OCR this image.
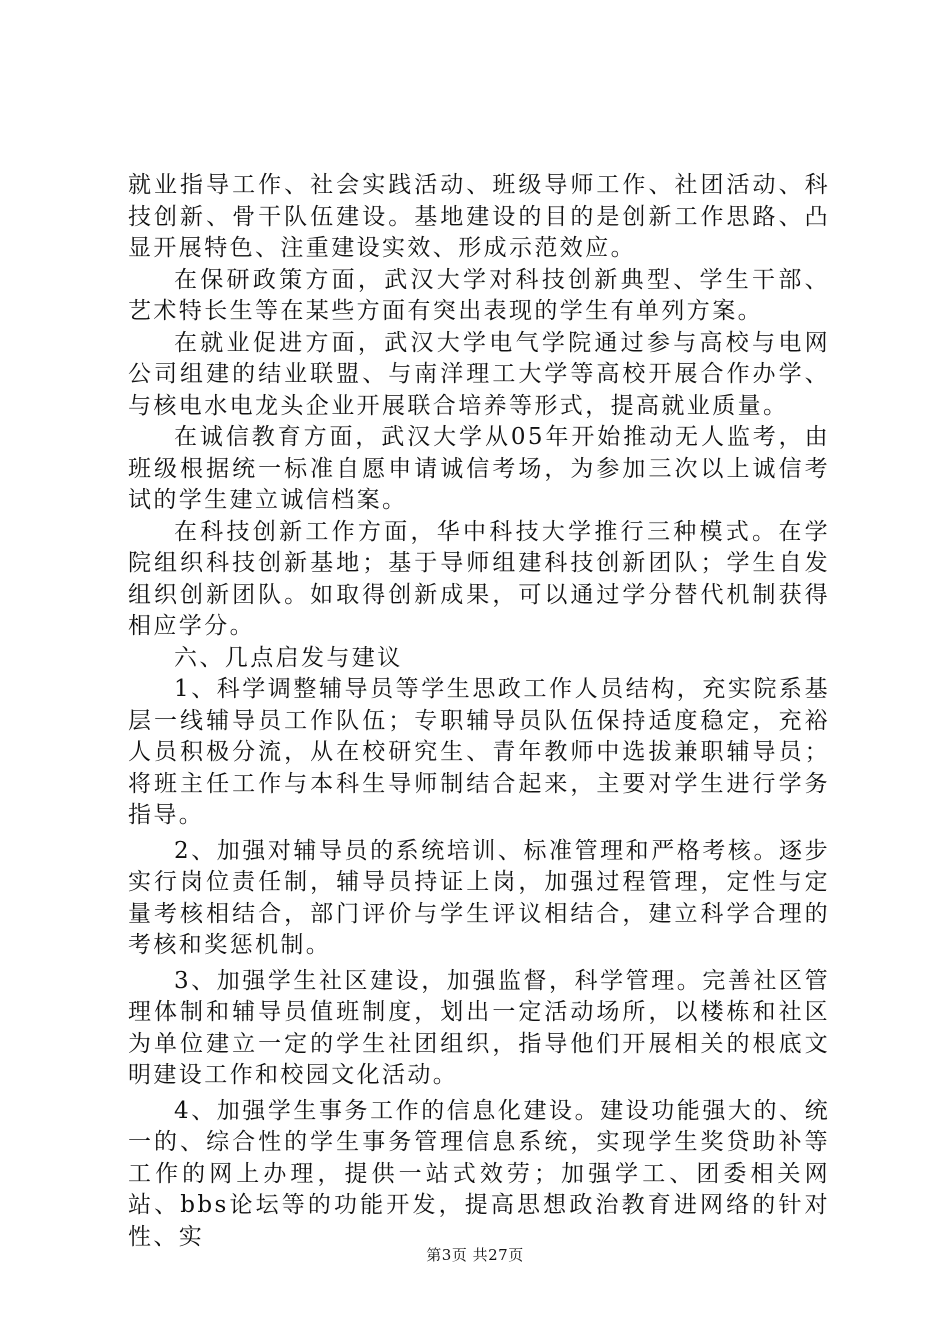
就业指导工作、社会实践活动、班级导师工作、社团活动、科技创新、骨干队伍建设。基地建设的目的是创新工作思路、凸显开展特色、注重建设实效、形成示范效应。

在保研政策方面，武汉大学对科技创新典型、学生干部、艺术特长生等在某些方面有突出表现的学生有单列方案。

在就业促进方面，武汉大学电气学院通过参与高校与电网公司组建的结业联盟、与南洋理工大学等高校开展合作办学、与核电水电龙头企业开展联合培养等形式，提高就业质量。

在诚信教育方面，武汉大学从05年开始推动无人监考，由班级根据统一标准自愿申请诚信考场，为参加三次以上诚信考试的学生建立诚信档案。

在科技创新工作方面，华中科技大学推行三种模式。在学院组织科技创新基地；基于导师组建科技创新团队；学生自发组织创新团队。如取得创新成果，可以通过学分替代机制获得相应学分。

六、几点启发与建议

1、科学调整辅导员等学生思政工作人员结构，充实院系基层一线辅导员工作队伍；专职辅导员队伍保持适度稳定，充裕人员积极分流，从在校研究生、青年教师中选拔兼职辅导员；将班主任工作与本科生导师制结合起来，主要对学生进行学务指导。

2、加强对辅导员的系统培训、标准管理和严格考核。逐步实行岗位责任制，辅导员持证上岗，加强过程管理，定性与定量考核相结合，部门评价与学生评议相结合，建立科学合理的考核和奖惩机制。

3、加强学生社区建设，加强监督，科学管理。完善社区管理体制和辅导员值班制度，划出一定活动场所，以楼栋和社区为单位建立一定的学生社团组织，指导他们开展相关的根底文明建设工作和校园文化活动。

4、加强学生事务工作的信息化建设。建设功能强大的、统一的、综合性的学生事务管理信息系统，实现学生奖贷助补等工作的网上办理，提供一站式效劳；加强学工、团委相关网站、bbs论坛等的功能开发，提高思想政治教育进网络的针对性、实

第3页 共27页
